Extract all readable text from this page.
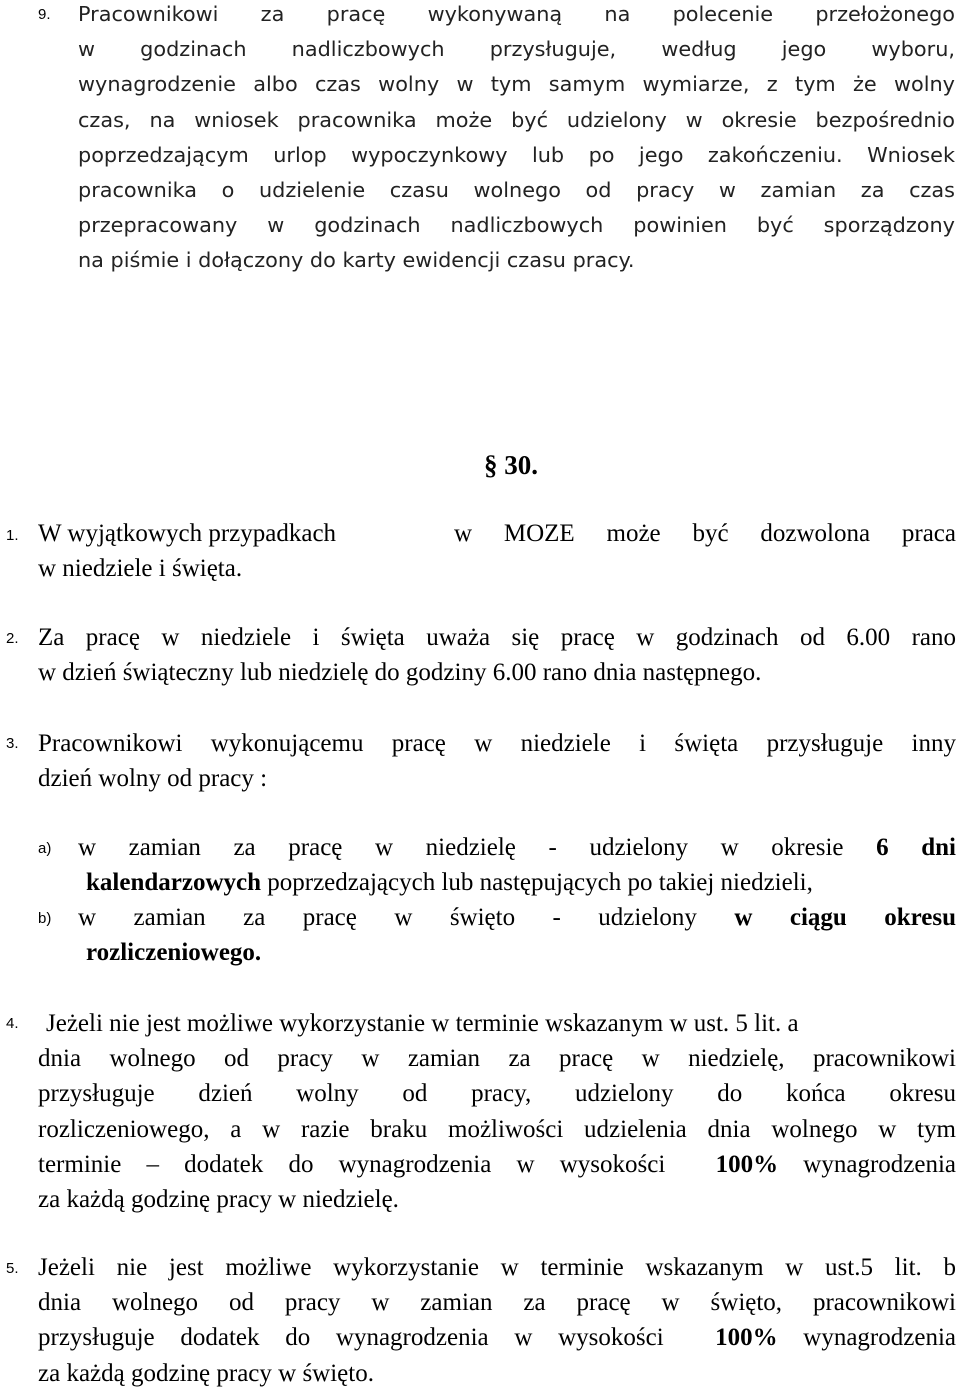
9. Pracownikowi za pracę wykonywaną na polecenie przełożonego
w godzinach nadliczbowych przysługuje, według jego wyboru,
wynagrodzenie albo czas wolny w tym samym wymiarze, z tym że wolny
czas, na wniosek pracownika może być udzielony w okresie bezpośrednio
poprzedzającym urlop wypoczynkowy lub po jego zakończeniu. Wniosek
pracownika o udzielenie czasu wolnego od pracy w zamian za czas
przepracowany w godzinach nadliczbowych powinien być sporządzony
na piśmie i dołączony do karty ewidencji czasu pracy.
§ 30.
1. W wyjątkowych przypadkach	w MOZE może być dozwolona praca
w niedziele i święta.
2. Za pracę w niedziele i święta uważa się pracę w godzinach od 6.00 rano
w dzień świąteczny lub niedzielę do godziny 6.00 rano dnia następnego.
3. Pracownikowi wykonującemu pracę w niedziele i święta przysługuje inny
dzień wolny od pracy :
a) w zamian za pracę w niedzielę - udzielony w okresie 6 dni
kalendarzowych poprzedzających lub następujących po takiej niedzieli,
b) w zamian za pracę w święto - udzielony w ciągu okresu
rozliczeniowego.
4.	Jeżeli nie jest możliwe wykorzystanie w terminie wskazanym w ust. 5 lit. a
dnia wolnego od pracy w zamian za pracę w niedzielę, pracownikowi
przysługuje dzień wolny od pracy, udzielony do końca okresu
rozliczeniowego, a w razie braku możliwości udzielenia dnia wolnego w tym
terminie – dodatek do wynagrodzenia w wysokości 100% wynagrodzenia
za każdą godzinę pracy w niedzielę.
5. Jeżeli nie jest możliwe wykorzystanie w terminie wskazanym w ust.5 lit. b
dnia wolnego od pracy w zamian za pracę w święto, pracownikowi
przysługuje dodatek do wynagrodzenia w wysokości 100% wynagrodzenia
za każdą godzinę pracy w święto.
